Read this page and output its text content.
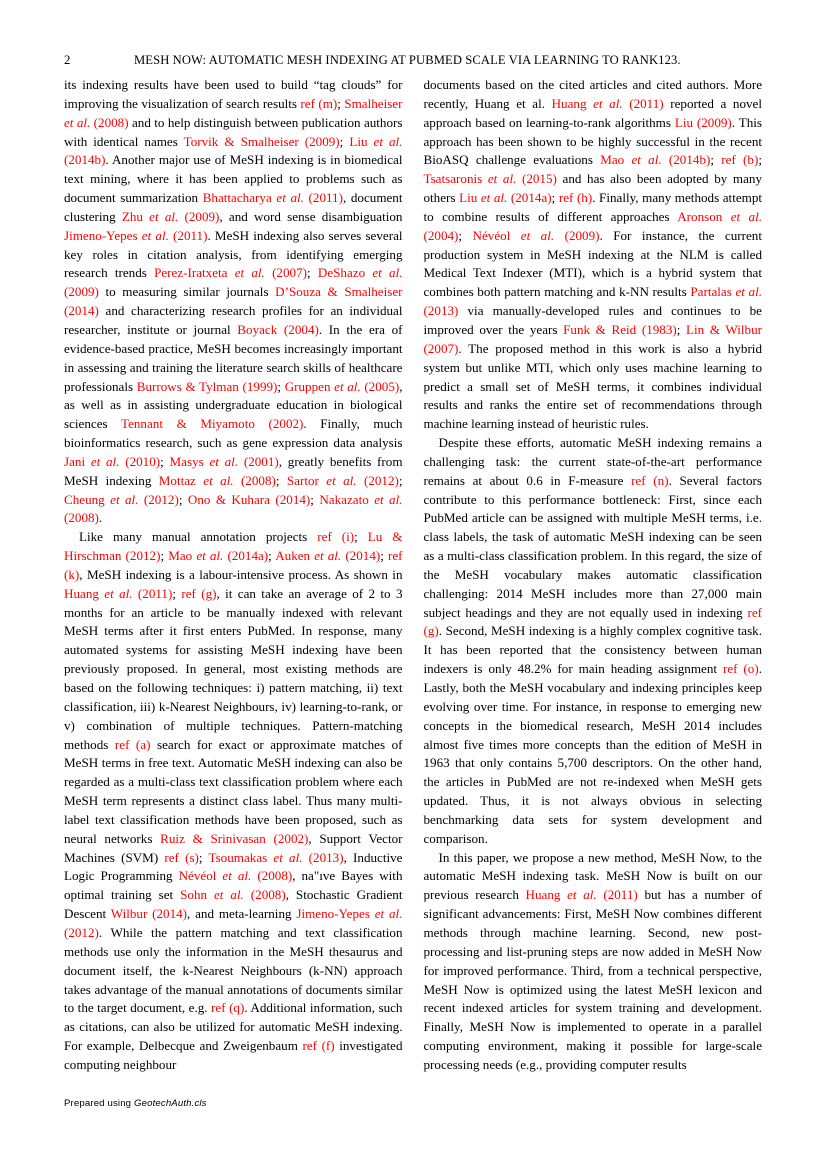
2	MESH NOW: AUTOMATIC MESH INDEXING AT PUBMED SCALE VIA LEARNING TO RANK123.

its indexing results have been used to build “tag clouds” for improving the visualization of search results ref (m); Smalheiser et al. (2008) and to help distinguish between publication authors with identical names Torvik & Smalheiser (2009); Liu et al. (2014b). Another major use of MeSH indexing is in biomedical text mining, where it has been applied to problems such as document summarization Bhattacharya et al. (2011), document clustering Zhu et al. (2009), and word sense disambiguation Jimeno-Yepes et al. (2011). MeSH indexing also serves several key roles in citation analysis, from identifying emerging research trends Perez-Iratxeta et al. (2007); DeShazo et al. (2009) to measuring similar journals D’Souza & Smalheiser (2014) and characterizing research profiles for an individual researcher, institute or journal Boyack (2004). In the era of evidence-based practice, MeSH becomes increasingly important in assessing and training the literature search skills of healthcare professionals Burrows & Tylman (1999); Gruppen et al. (2005), as well as in assisting undergraduate education in biological sciences Tennant & Miyamoto (2002). Finally, much bioinformatics research, such as gene expression data analysis Jani et al. (2010); Masys et al. (2001), greatly benefits from MeSH indexing Mottaz et al. (2008); Sartor et al. (2012); Cheung et al. (2012); Ono & Kuhara (2014); Nakazato et al. (2008).

Like many manual annotation projects ref (i); Lu & Hirschman (2012); Mao et al. (2014a); Auken et al. (2014); ref (k), MeSH indexing is a labour-intensive process. As shown in Huang et al. (2011); ref (g), it can take an average of 2 to 3 months for an article to be manually indexed with relevant MeSH terms after it first enters PubMed. In response, many automated systems for assisting MeSH indexing have been previously proposed. In general, most existing methods are based on the following techniques: i) pattern matching, ii) text classification, iii) k-Nearest Neighbours, iv) learning-to-rank, or v) combination of multiple techniques. Pattern-matching methods ref (a) search for exact or approximate matches of MeSH terms in free text. Automatic MeSH indexing can also be regarded as a multi-class text classification problem where each MeSH term represents a distinct class label. Thus many multi-label text classification methods have been proposed, such as neural networks Ruiz & Srinivasan (2002), Support Vector Machines (SVM) ref (s); Tsoumakas et al. (2013), Inductive Logic Programming Névéol et al. (2008), na"ıve Bayes with optimal training set Sohn et al. (2008), Stochastic Gradient Descent Wilbur (2014), and meta-learning Jimeno-Yepes et al. (2012). While the pattern matching and text classification methods use only the information in the MeSH thesaurus and document itself, the k-Nearest Neighbours (k-NN) approach takes advantage of the manual annotations of documents similar to the target document, e.g. ref (q). Additional information, such as citations, can also be utilized for automatic MeSH indexing. For example, Delbecque and Zweigenbaum ref (f) investigated computing neighbour

documents based on the cited articles and cited authors. More recently, Huang et al. Huang et al. (2011) reported a novel approach based on learning-to-rank algorithms Liu (2009). This approach has been shown to be highly successful in the recent BioASQ challenge evaluations Mao et al. (2014b); ref (b); Tsatsaronis et al. (2015) and has also been adopted by many others Liu et al. (2014a); ref (h). Finally, many methods attempt to combine results of different approaches Aronson et al. (2004); Névéol et al. (2009). For instance, the current production system in MeSH indexing at the NLM is called Medical Text Indexer (MTI), which is a hybrid system that combines both pattern matching and k-NN results Partalas et al. (2013) via manually-developed rules and continues to be improved over the years Funk & Reid (1983); Lin & Wilbur (2007). The proposed method in this work is also a hybrid system but unlike MTI, which only uses machine learning to predict a small set of MeSH terms, it combines individual results and ranks the entire set of recommendations through machine learning instead of heuristic rules.

Despite these efforts, automatic MeSH indexing remains a challenging task: the current state-of-the-art performance remains at about 0.6 in F-measure ref (n). Several factors contribute to this performance bottleneck: First, since each PubMed article can be assigned with multiple MeSH terms, i.e. class labels, the task of automatic MeSH indexing can be seen as a multi-class classification problem. In this regard, the size of the MeSH vocabulary makes automatic classification challenging: 2014 MeSH includes more than 27,000 main subject headings and they are not equally used in indexing ref (g). Second, MeSH indexing is a highly complex cognitive task. It has been reported that the consistency between human indexers is only 48.2% for main heading assignment ref (o). Lastly, both the MeSH vocabulary and indexing principles keep evolving over time. For instance, in response to emerging new concepts in the biomedical research, MeSH 2014 includes almost five times more concepts than the edition of MeSH in 1963 that only contains 5,700 descriptors. On the other hand, the articles in PubMed are not re-indexed when MeSH gets updated. Thus, it is not always obvious in selecting benchmarking data sets for system development and comparison.

In this paper, we propose a new method, MeSH Now, to the automatic MeSH indexing task. MeSH Now is built on our previous research Huang et al. (2011) but has a number of significant advancements: First, MeSH Now combines different methods through machine learning. Second, new post-processing and list-pruning steps are now added in MeSH Now for improved performance. Third, from a technical perspective, MeSH Now is optimized using the latest MeSH lexicon and recent indexed articles for system training and development. Finally, MeSH Now is implemented to operate in a parallel computing environment, making it possible for large-scale processing needs (e.g., providing computer results

Prepared using GeotechAuth.cls
